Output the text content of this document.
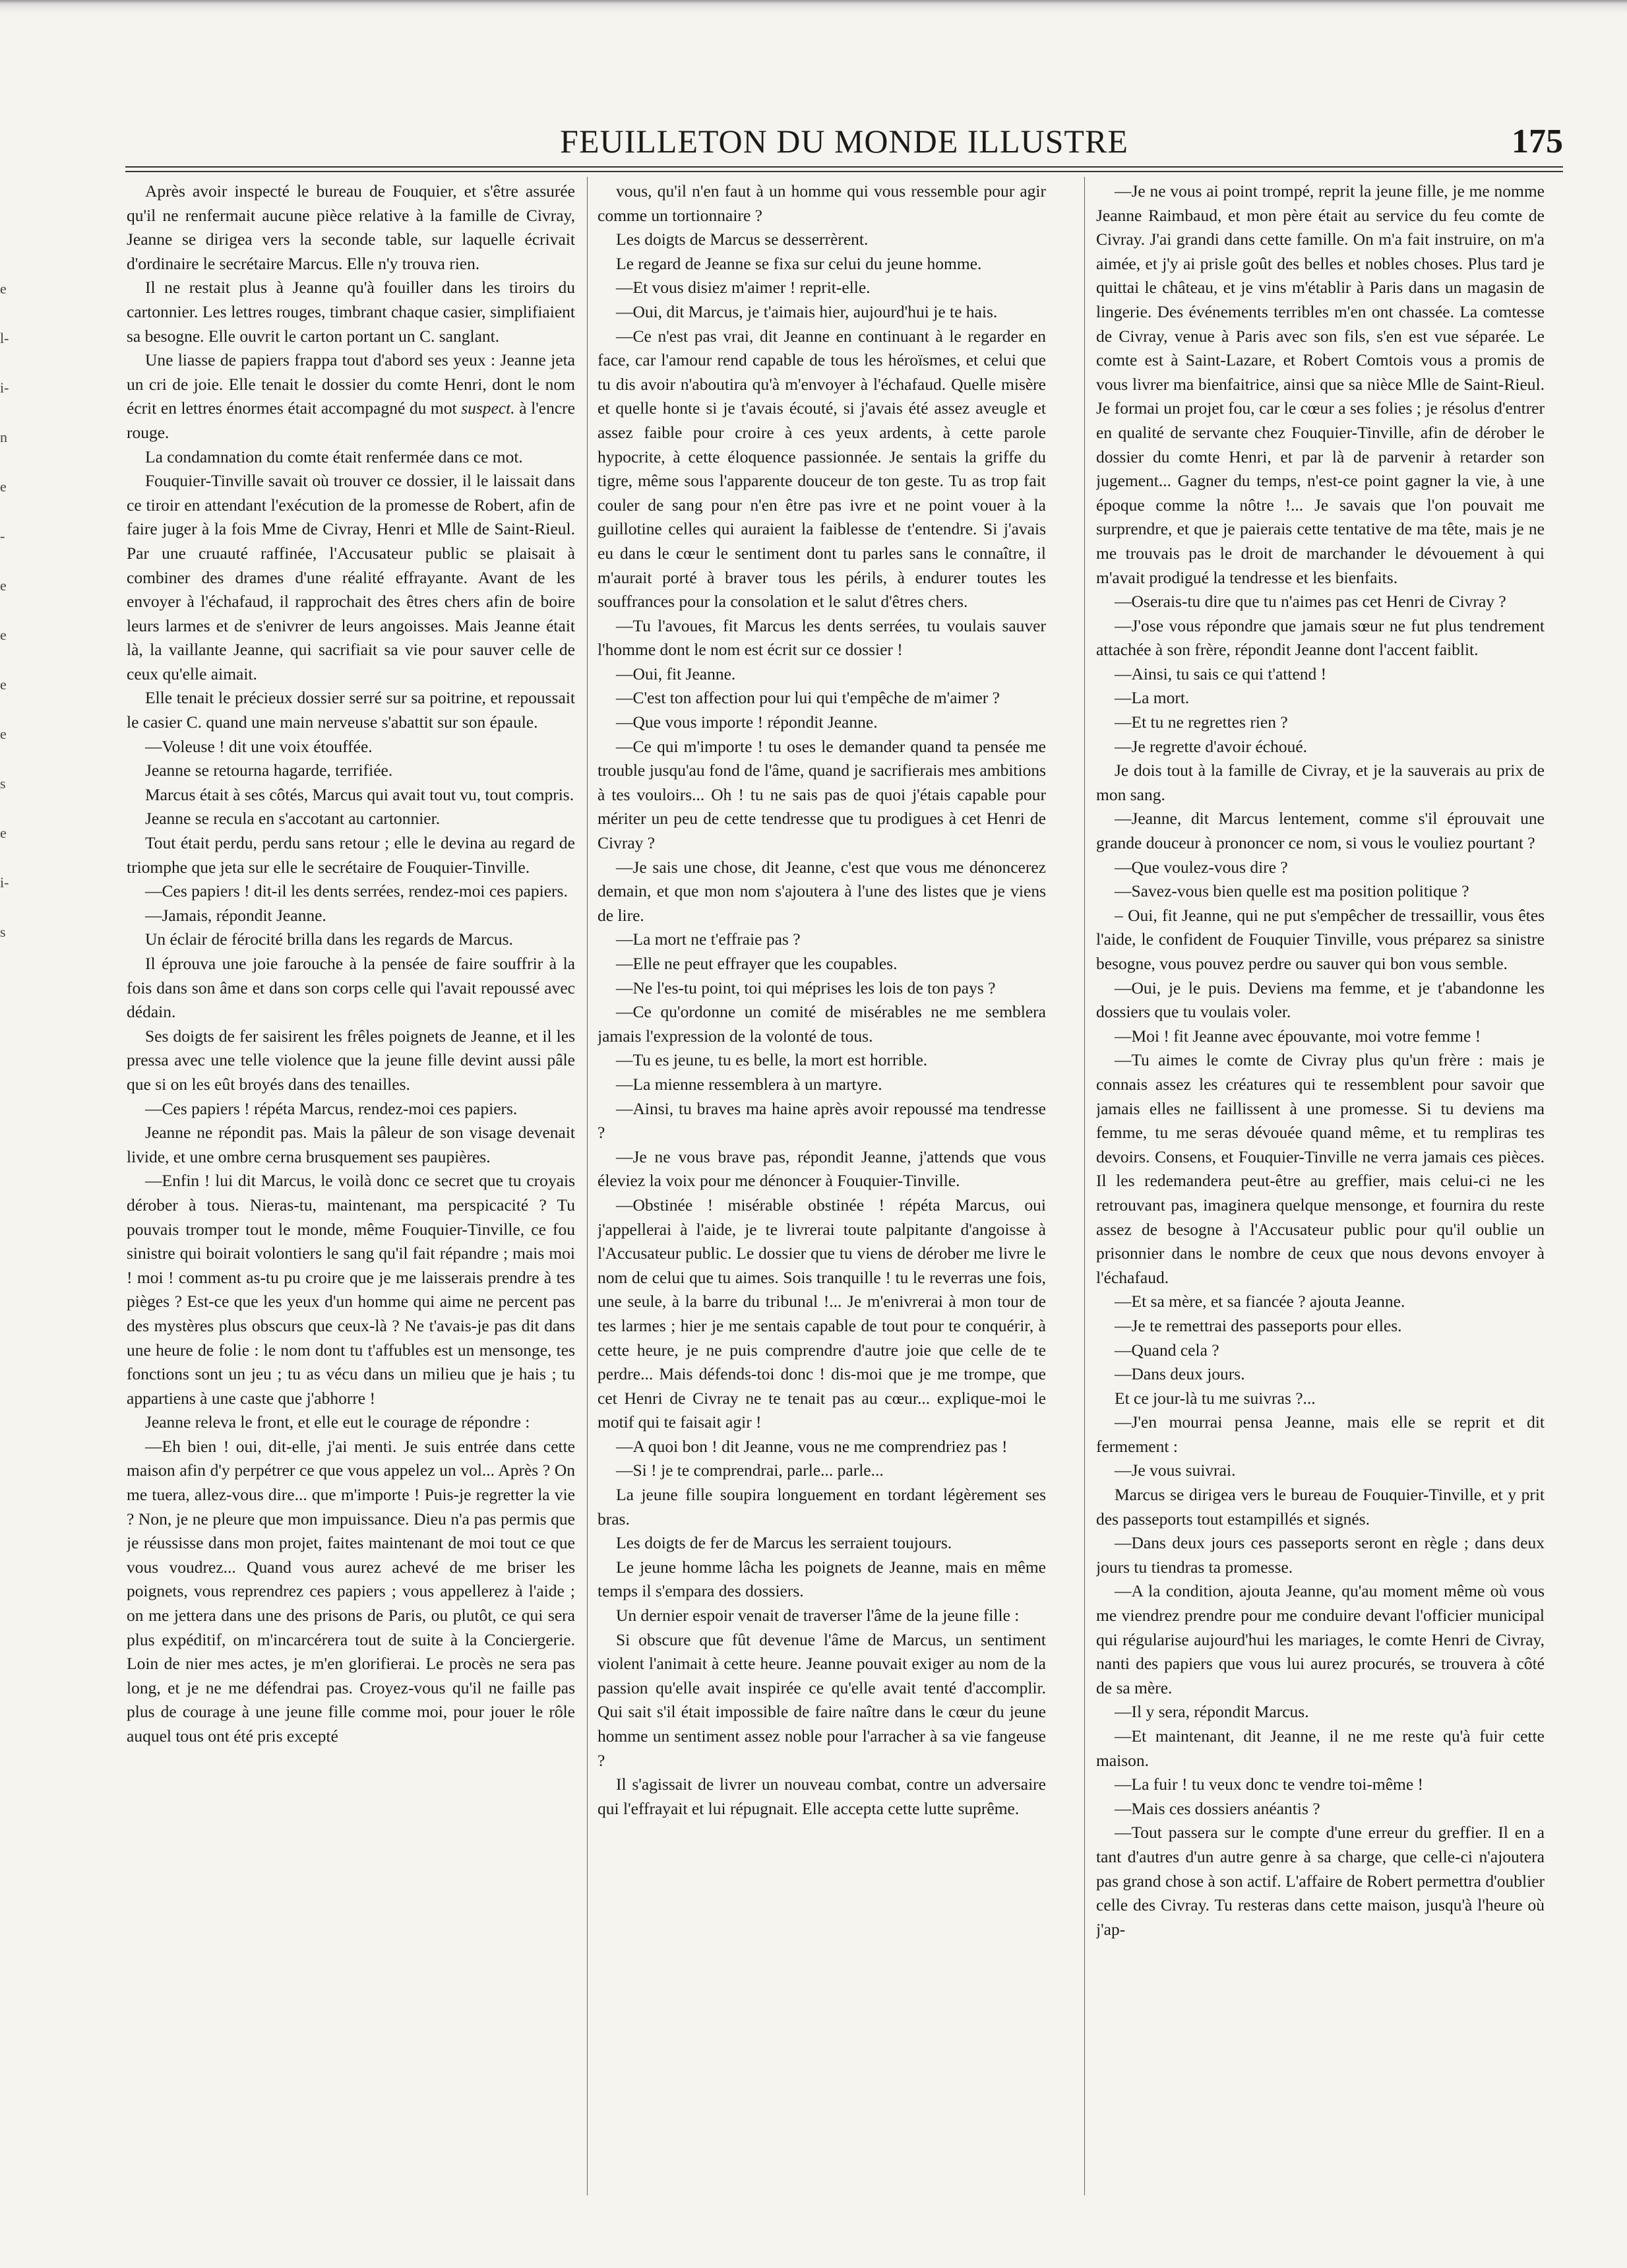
e
l-
i-
n
e
-
e
e
e
e
s
e
i-
s
FEUILLETON DU MONDE ILLUSTRE	175

Après avoir inspecté le bureau de Fouquier, et s'être assurée qu'il ne renfermait aucune pièce relative à la famille de Civray, Jeanne se dirigea vers la seconde table, sur laquelle écrivait d'ordinaire le secrétaire Marcus. Elle n'y trouva rien.

Il ne restait plus à Jeanne qu'à fouiller dans les tiroirs du cartonnier. Les lettres rouges, timbrant chaque casier, simplifiaient sa besogne. Elle ouvrit le carton portant un C. sanglant.

Une liasse de papiers frappa tout d'abord ses yeux : Jeanne jeta un cri de joie. Elle tenait le dossier du comte Henri, dont le nom écrit en lettres énormes était accompagné du mot suspect. à l'encre rouge.

La condamnation du comte était renfermée dans ce mot.

Fouquier-Tinville savait où trouver ce dossier, il le laissait dans ce tiroir en attendant l'exécution de la promesse de Robert, afin de faire juger à la fois Mme de Civray, Henri et Mlle de Saint-Rieul. Par une cruauté raffinée, l'Accusateur public se plaisait à combiner des drames d'une réalité effrayante. Avant de les envoyer à l'échafaud, il rapprochait des êtres chers afin de boire leurs larmes et de s'enivrer de leurs angoisses. Mais Jeanne était là, la vaillante Jeanne, qui sacrifiait sa vie pour sauver celle de ceux qu'elle aimait.

Elle tenait le précieux dossier serré sur sa poitrine, et repoussait le casier C. quand une main nerveuse s'abattit sur son épaule.

—Voleuse ! dit une voix étouffée.

Jeanne se retourna hagarde, terrifiée.

Marcus était à ses côtés, Marcus qui avait tout vu, tout compris.

Jeanne se recula en s'accotant au cartonnier.

Tout était perdu, perdu sans retour ; elle le devina au regard de triomphe que jeta sur elle le secrétaire de Fouquier-Tinville.

—Ces papiers ! dit-il les dents serrées, rendez-moi ces papiers.

—Jamais, répondit Jeanne.

Un éclair de férocité brilla dans les regards de Marcus.

Il éprouva une joie farouche à la pensée de faire souffrir à la fois dans son âme et dans son corps celle qui l'avait repoussé avec dédain.

Ses doigts de fer saisirent les frêles poignets de Jeanne, et il les pressa avec une telle violence que la jeune fille devint aussi pâle que si on les eût broyés dans des tenailles.

—Ces papiers ! répéta Marcus, rendez-moi ces papiers.

Jeanne ne répondit pas. Mais la pâleur de son visage devenait livide, et une ombre cerna brusquement ses paupières.

—Enfin ! lui dit Marcus, le voilà donc ce secret que tu croyais dérober à tous. Nieras-tu, maintenant, ma perspicacité ? Tu pouvais tromper tout le monde, même Fouquier-Tinville, ce fou sinistre qui boirait volontiers le sang qu'il fait répandre ; mais moi ! moi ! comment as-tu pu croire que je me laisserais prendre à tes pièges ? Est-ce que les yeux d'un homme qui aime ne percent pas des mystères plus obscurs que ceux-là ? Ne t'avais-je pas dit dans une heure de folie : le nom dont tu t'affubles est un mensonge, tes fonctions sont un jeu ; tu as vécu dans un milieu que je hais ; tu appartiens à une caste que j'abhorre !

Jeanne releva le front, et elle eut le courage de répondre :

—Eh bien ! oui, dit-elle, j'ai menti. Je suis entrée dans cette maison afin d'y perpétrer ce que vous appelez un vol... Après ? On me tuera, allez-vous dire... que m'importe ! Puis-je regretter la vie ? Non, je ne pleure que mon impuissance. Dieu n'a pas permis que je réussisse dans mon projet, faites maintenant de moi tout ce que vous voudrez... Quand vous aurez achevé de me briser les poignets, vous reprendrez ces papiers ; vous appellerez à l'aide ; on me jettera dans une des prisons de Paris, ou plutôt, ce qui sera plus expéditif, on m'incarcérera tout de suite à la Conciergerie. Loin de nier mes actes, je m'en glorifierai. Le procès ne sera pas long, et je ne me défendrai pas. Croyez-vous qu'il ne faille pas plus de courage à une jeune fille comme moi, pour jouer le rôle auquel tous ont été pris excepté

vous, qu'il n'en faut à un homme qui vous ressemble pour agir comme un tortionnaire ?

Les doigts de Marcus se desserrèrent.

Le regard de Jeanne se fixa sur celui du jeune homme.

—Et vous disiez m'aimer ! reprit-elle.

—Oui, dit Marcus, je t'aimais hier, aujourd'hui je te hais.

—Ce n'est pas vrai, dit Jeanne en continuant à le regarder en face, car l'amour rend capable de tous les héroïsmes, et celui que tu dis avoir n'aboutira qu'à m'envoyer à l'échafaud. Quelle misère et quelle honte si je t'avais écouté, si j'avais été assez aveugle et assez faible pour croire à ces yeux ardents, à cette parole hypocrite, à cette éloquence passionnée. Je sentais la griffe du tigre, même sous l'apparente douceur de ton geste. Tu as trop fait couler de sang pour n'en être pas ivre et ne point vouer à la guillotine celles qui auraient la faiblesse de t'entendre. Si j'avais eu dans le cœur le sentiment dont tu parles sans le connaître, il m'aurait porté à braver tous les périls, à endurer toutes les souffrances pour la consolation et le salut d'êtres chers.

—Tu l'avoues, fit Marcus les dents serrées, tu voulais sauver l'homme dont le nom est écrit sur ce dossier !

—Oui, fit Jeanne.

—C'est ton affection pour lui qui t'empêche de m'aimer ?

—Que vous importe ! répondit Jeanne.

—Ce qui m'importe ! tu oses le demander quand ta pensée me trouble jusqu'au fond de l'âme, quand je sacrifierais mes ambitions à tes vouloirs... Oh ! tu ne sais pas de quoi j'étais capable pour mériter un peu de cette tendresse que tu prodigues à cet Henri de Civray ?

—Je sais une chose, dit Jeanne, c'est que vous me dénoncerez demain, et que mon nom s'ajoutera à l'une des listes que je viens de lire.

—La mort ne t'effraie pas ?

—Elle ne peut effrayer que les coupables.

—Ne l'es-tu point, toi qui méprises les lois de ton pays ?

—Ce qu'ordonne un comité de misérables ne me semblera jamais l'expression de la volonté de tous.

—Tu es jeune, tu es belle, la mort est horrible.

—La mienne ressemblera à un martyre.

—Ainsi, tu braves ma haine après avoir repoussé ma tendresse ?

—Je ne vous brave pas, répondit Jeanne, j'attends que vous éleviez la voix pour me dénoncer à Fouquier-Tinville.

—Obstinée ! misérable obstinée ! répéta Marcus, oui j'appellerai à l'aide, je te livrerai toute palpitante d'angoisse à l'Accusateur public. Le dossier que tu viens de dérober me livre le nom de celui que tu aimes. Sois tranquille ! tu le reverras une fois, une seule, à la barre du tribunal !... Je m'enivrerai à mon tour de tes larmes ; hier je me sentais capable de tout pour te conquérir, à cette heure, je ne puis comprendre d'autre joie que celle de te perdre... Mais défends-toi donc ! dis-moi que je me trompe, que cet Henri de Civray ne te tenait pas au cœur... explique-moi le motif qui te faisait agir !

—A quoi bon ! dit Jeanne, vous ne me comprendriez pas !

—Si ! je te comprendrai, parle... parle...

La jeune fille soupira longuement en tordant légèrement ses bras.

Les doigts de fer de Marcus les serraient toujours.

Le jeune homme lâcha les poignets de Jeanne, mais en même temps il s'empara des dossiers.

Un dernier espoir venait de traverser l'âme de la jeune fille :

Si obscure que fût devenue l'âme de Marcus, un sentiment violent l'animait à cette heure. Jeanne pouvait exiger au nom de la passion qu'elle avait inspirée ce qu'elle avait tenté d'accomplir. Qui sait s'il était impossible de faire naître dans le cœur du jeune homme un sentiment assez noble pour l'arracher à sa vie fangeuse ?

Il s'agissait de livrer un nouveau combat, contre un adversaire qui l'effrayait et lui répugnait. Elle accepta cette lutte suprême.

—Je ne vous ai point trompé, reprit la jeune fille, je me nomme Jeanne Raimbaud, et mon père était au service du feu comte de Civray. J'ai grandi dans cette famille. On m'a fait instruire, on m'a aimée, et j'y ai prisle goût des belles et nobles choses. Plus tard je quittai le château, et je vins m'établir à Paris dans un magasin de lingerie. Des événements terribles m'en ont chassée. La comtesse de Civray, venue à Paris avec son fils, s'en est vue séparée. Le comte est à Saint-Lazare, et Robert Comtois vous a promis de vous livrer ma bienfaitrice, ainsi que sa nièce Mlle de Saint-Rieul. Je formai un projet fou, car le cœur a ses folies ; je résolus d'entrer en qualité de servante chez Fouquier-Tinville, afin de dérober le dossier du comte Henri, et par là de parvenir à retarder son jugement... Gagner du temps, n'est-ce point gagner la vie, à une époque comme la nôtre !... Je savais que l'on pouvait me surprendre, et que je paierais cette tentative de ma tête, mais je ne me trouvais pas le droit de marchander le dévouement à qui m'avait prodigué la tendresse et les bienfaits.

—Oserais-tu dire que tu n'aimes pas cet Henri de Civray ?

—J'ose vous répondre que jamais sœur ne fut plus tendrement attachée à son frère, répondit Jeanne dont l'accent faiblit.

—Ainsi, tu sais ce qui t'attend !

—La mort.

—Et tu ne regrettes rien ?

—Je regrette d'avoir échoué.

Je dois tout à la famille de Civray, et je la sauverais au prix de mon sang.

—Jeanne, dit Marcus lentement, comme s'il éprouvait une grande douceur à prononcer ce nom, si vous le vouliez pourtant ?

—Que voulez-vous dire ?

—Savez-vous bien quelle est ma position politique ?

– Oui, fit Jeanne, qui ne put s'empêcher de tressaillir, vous êtes l'aide, le confident de Fouquier Tinville, vous préparez sa sinistre besogne, vous pouvez perdre ou sauver qui bon vous semble.

—Oui, je le puis. Deviens ma femme, et je t'abandonne les dossiers que tu voulais voler.

—Moi ! fit Jeanne avec épouvante, moi votre femme !

—Tu aimes le comte de Civray plus qu'un frère : mais je connais assez les créatures qui te ressemblent pour savoir que jamais elles ne faillissent à une promesse. Si tu deviens ma femme, tu me seras dévouée quand même, et tu rempliras tes devoirs. Consens, et Fouquier-Tinville ne verra jamais ces pièces. Il les redemandera peut-être au greffier, mais celui-ci ne les retrouvant pas, imaginera quelque mensonge, et fournira du reste assez de besogne à l'Accusateur public pour qu'il oublie un prisonnier dans le nombre de ceux que nous devons envoyer à l'échafaud.

—Et sa mère, et sa fiancée ? ajouta Jeanne.

—Je te remettrai des passeports pour elles.

—Quand cela ?

—Dans deux jours.

Et ce jour-là tu me suivras ?...

—J'en mourrai pensa Jeanne, mais elle se reprit et dit fermement :

—Je vous suivrai.

Marcus se dirigea vers le bureau de Fouquier-Tinville, et y prit des passeports tout estampillés et signés.

—Dans deux jours ces passeports seront en règle ; dans deux jours tu tiendras ta promesse.

—A la condition, ajouta Jeanne, qu'au moment même où vous me viendrez prendre pour me conduire devant l'officier municipal qui régularise aujourd'hui les mariages, le comte Henri de Civray, nanti des papiers que vous lui aurez procurés, se trouvera à côté de sa mère.

—Il y sera, répondit Marcus.

—Et maintenant, dit Jeanne, il ne me reste qu'à fuir cette maison.

—La fuir ! tu veux donc te vendre toi-même !

—Mais ces dossiers anéantis ?

—Tout passera sur le compte d'une erreur du greffier. Il en a tant d'autres d'un autre genre à sa charge, que celle-ci n'ajoutera pas grand chose à son actif. L'affaire de Robert permettra d'oublier celle des Civray. Tu resteras dans cette maison, jusqu'à l'heure où j'ap-
